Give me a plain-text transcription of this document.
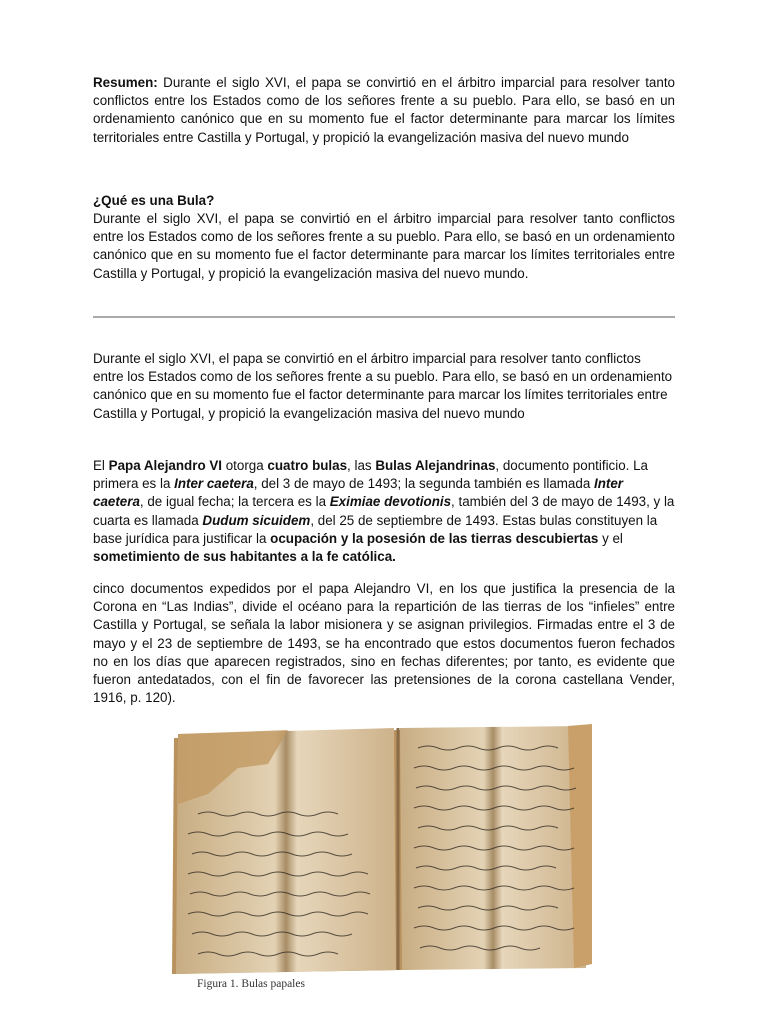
Resumen: Durante el siglo XVI, el papa se convirtió en el árbitro imparcial para resolver tanto conflictos entre los Estados como de los señores frente a su pueblo. Para ello, se basó en un ordenamiento canónico que en su momento fue el factor determinante para marcar los límites territoriales entre Castilla y Portugal, y propició la evangelización masiva del nuevo mundo

¿Qué es una Bula?

Durante el siglo XVI, el papa se convirtió en el árbitro imparcial para resolver tanto conflictos entre los Estados como de los señores frente a su pueblo. Para ello, se basó en un ordenamiento canónico que en su momento fue el factor determinante para marcar los límites territoriales entre Castilla y Portugal, y propició la evangelización masiva del nuevo mundo.

Durante el siglo XVI, el papa se convirtió en el árbitro imparcial para resolver tanto conflictos entre los Estados como de los señores frente a su pueblo. Para ello, se basó en un ordenamiento canónico que en su momento fue el factor determinante para marcar los límites territoriales entre Castilla y Portugal, y propició la evangelización masiva del nuevo mundo

El Papa Alejandro VI otorga cuatro bulas, las Bulas Alejandrinas, documento pontificio. La primera es la Inter caetera, del 3 de mayo de 1493; la segunda también es llamada Inter caetera, de igual fecha; la tercera es la Eximiae devotionis, también del 3 de mayo de 1493, y la cuarta es llamada Dudum sicuidem, del 25 de septiembre de 1493. Estas bulas constituyen la base jurídica para justificar la ocupación y la posesión de las tierras descubiertas y el sometimiento de sus habitantes a la fe católica.

cinco documentos expedidos por el papa Alejandro VI, en los que justifica la presencia de la Corona en “Las Indias”, divide el océano para la repartición de las tierras de los “infieles” entre Castilla y Portugal, se señala la labor misionera y se asignan privilegios. Firmadas entre el 3 de mayo y el 23 de septiembre de 1493, se ha encontrado que estos documentos fueron fechados no en los días que aparecen registrados, sino en fechas diferentes; por tanto, es evidente que fueron antedatados, con el fin de favorecer las pretensiones de la corona castellana Vender, 1916, p. 120).

Figura 1. Bulas papales
